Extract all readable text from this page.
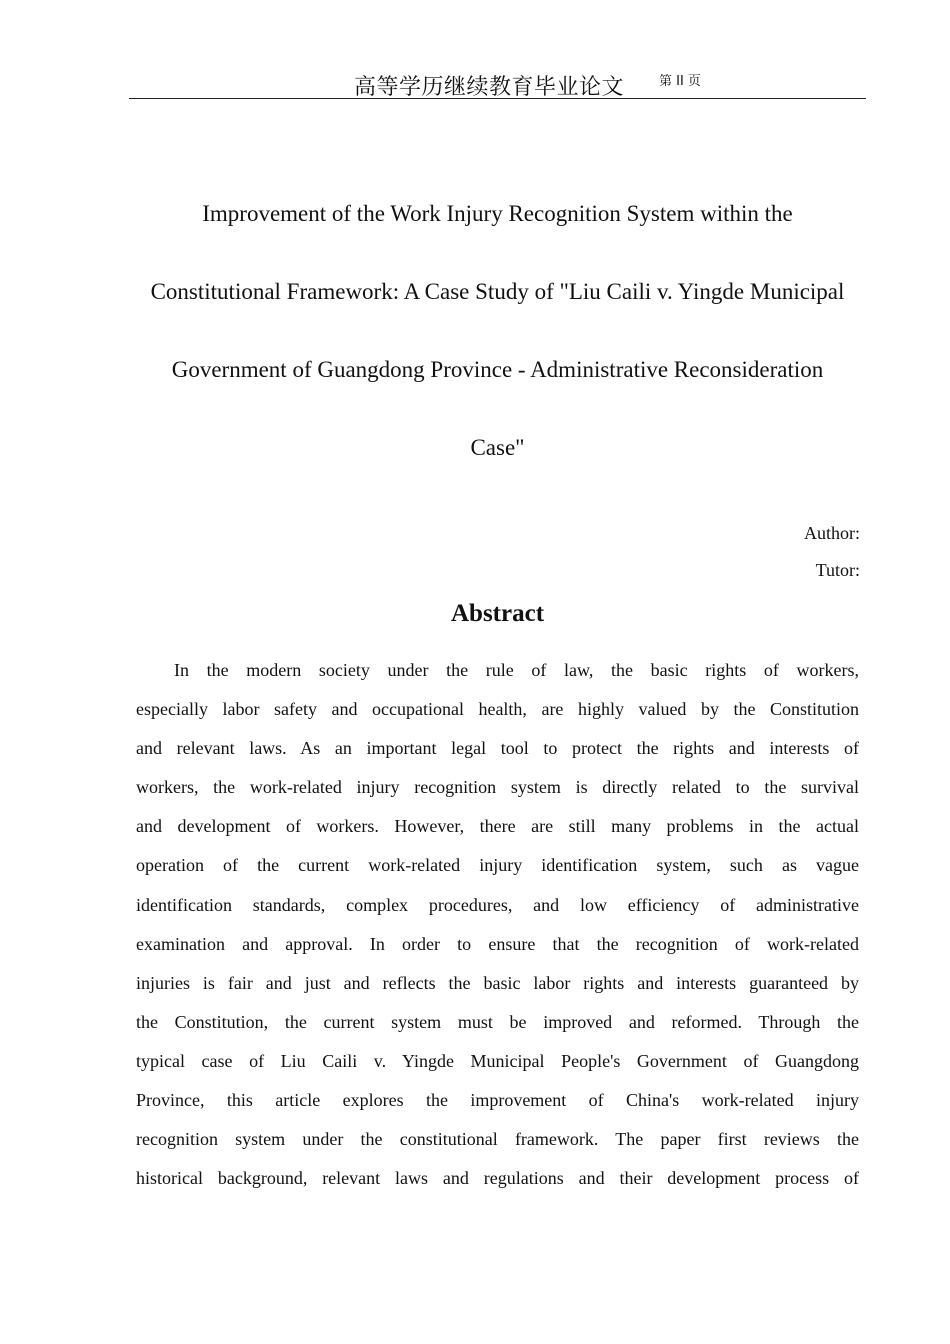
高等学历继续教育毕业论文	第 II 页
Improvement of the Work Injury Recognition System within the
Constitutional Framework: A Case Study of "Liu Caili v. Yingde Municipal
Government of Guangdong Province - Administrative Reconsideration
Case"
Author:
Tutor:
Abstract

In the modern society under the rule of law, the basic rights of workers,
especially labor safety and occupational health, are highly valued by the Constitution
and relevant laws. As an important legal tool to protect the rights and interests of
workers, the work-related injury recognition system is directly related to the survival
and development of workers. However, there are still many problems in the actual
operation of the current work-related injury identification system, such as vague
identification standards, complex procedures, and low efficiency of administrative
examination and approval. In order to ensure that the recognition of work-related
injuries is fair and just and reflects the basic labor rights and interests guaranteed by
the Constitution, the current system must be improved and reformed. Through the
typical case of Liu Caili v. Yingde Municipal People's Government of Guangdong
Province, this article explores the improvement of China's work-related injury
recognition system under the constitutional framework. The paper first reviews the
historical background, relevant laws and regulations and their development process of
